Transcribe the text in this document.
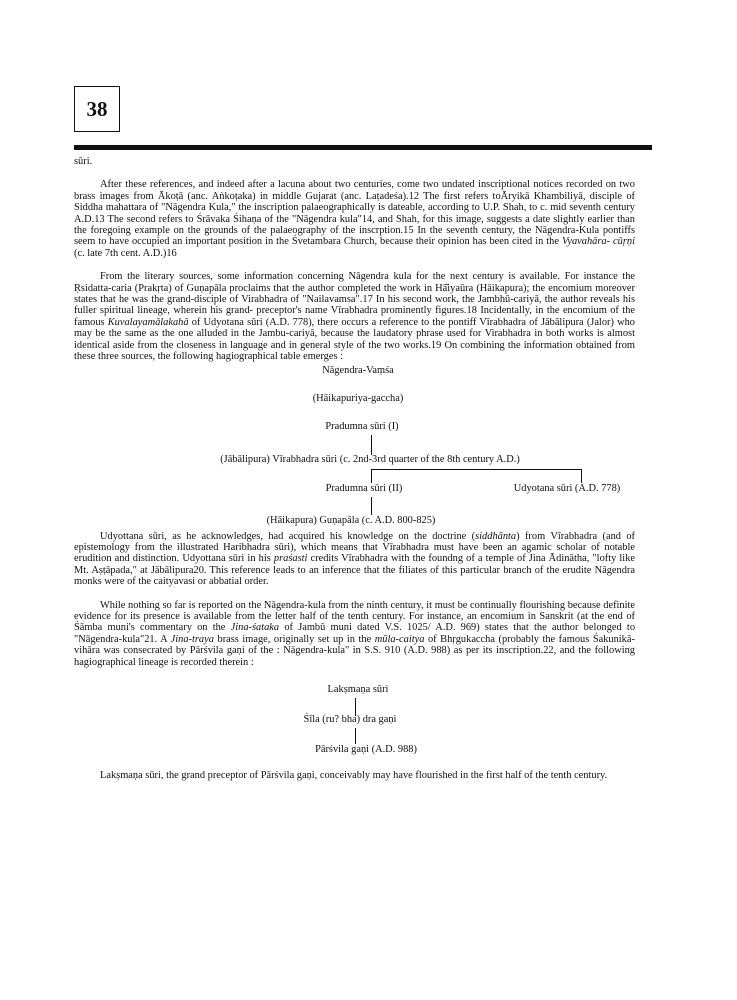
38

sūri.

After these references, and indeed after a lacuna about two centuries, come two undated inscriptional notices recorded on two brass images from Ākoṭā (anc. Aṅkoṭaka) in middle Gujarat (anc. Laṭadeśa).12 The first refers toĀryikā Khambiliyā, disciple of Siddha mahattara of "Nāgendra Kula," the inscription palaeographically is dateable, according to U.P. Shah, to c. mid seventh century A.D.13 The second refers to Śrāvaka Śihaṇa of the "Nāgendra kula"14, and Shah, for this image, suggests a date slightly earlier than the foregoing example on the grounds of the palaeography of the inscrption.15 In the seventh century, the Nāgendra-Kula pontiffs seem to have occupied an important position in the Śvetambara Church, because their opinion has been cited in the Vyavahāra- cūṛṇi (c. late 7th cent. A.D.)16

From the literary sources, some information concerning Nāgendra kula for the next century is available. For instance the Ṛsidatta-caria (Prakṛta) of Guṇapāla proclaims that the author completed the work in Hā̆iyaūra (Hāikapura); the encomium moreover states that he was the grand-disciple of Virabhadra of "Nailavamsa".17 In his second work, the Jambhū-cariyā, the author reveals his fuller spiritual lineage, wherein his grand- preceptor's name Vīrabhadra prominently figures.18 Incidentally, in the encomium of the famous Kuvalayamālakahā of Udyotana sūri (A.D. 778), there occurs a reference to the pontiff Vīrabhadra of Jābālipura (Jalor) who may be the same as the one alluded in the Jambu-cariyā, because the laudatory phrase used for Virabhadra in both works is almost identical aside from the closeness in language and in general style of the two works.19 On combining the information obtained from these three sources, the following hagiographical table emerges :

Nāgendra-Vaṃśa
(Hāikapuriya-gaccha)
Pradumna sūri (I)
(Jābālipura) Vīrabhadra sūri (c. 2nd-3rd quarter of the 8th century A.D.)
Pradumna sūri (II)	Udyotana sūri (A.D. 778)
(Hāikapura) Guṇapāla (c. A.D. 800-825)

Udyottana sūri, as he acknowledges, had acquired his knowledge on the doctrine (siddhānta) from Vīrabhadra (and of epistemology from the illustrated Haribhadra sūri), which means that Vīrabhadra must have been an agamic scholar of notable erudition and distinction. Udyottana sūri in his praśasti credits Vīrabhadra with the foundng of a temple of Jina Ādinātha, "lofty like Mt. Aṣṭāpada," at Jābālipura20. This reference leads to an inference that the filiates of this particular branch of the erudite Nāgendra monks were of the caityavasi or abbatial order.

While nothing so far is reported on the Nāgendra-kula from the ninth century, it must be continually flourishing because definite evidence for its presence is available from the letter half of the tenth century. For instance, an encomium in Sanskrit (at the end of Śāmba muni's commentary on the Jina-śataka of Jambū muni dated V.S. 1025/ A.D. 969) states that the author belonged to "Nāgendra-kula"21. A Jina-traya brass image, originally set up in the mūla-caitya of Bhṛgukaccha (probably the famous Śakunikā-vihāra was consecrated by Pārśvila gaṇi of the : Nāgendra-kula" in S.S. 910 (A.D. 988) as per its inscription.22, and the following hagiographical lineage is recorded therein :

Lakṣmaṇa sūri
Śīla (ru? bha) dra gaṇi
Pārśvila gaṇi (A.D. 988)

Lakṣmaṇa sūri, the grand preceptor of Pārśvila gaṇi, conceivably may have flourished in the first half of the tenth century.
